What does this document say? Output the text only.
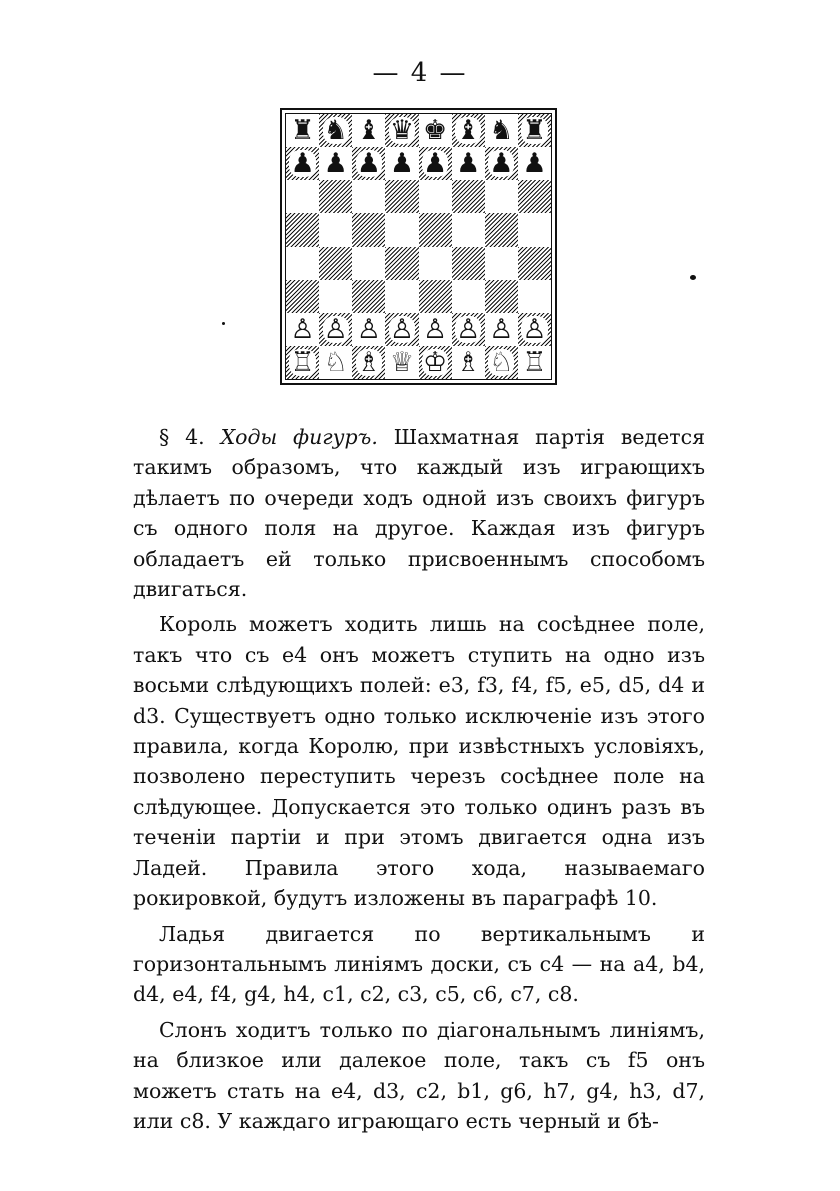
— 4 —
♜ ♞ ♝ ♛ ♚ ♝ ♞ ♜
♟ ♟ ♟ ♟ ♟ ♟ ♟ ♟
♙ ♙ ♙ ♙ ♙ ♙ ♙ ♙
♖ ♘ ♗ ♕ ♔ ♗ ♘ ♖

§ 4. Ходы фигуръ. Шахматная партія ведется такимъ образомъ, что каждый изъ играющихъ дѣлаетъ по очереди ходъ одной изъ своихъ фигуръ съ одного поля на другое. Каждая изъ фигуръ обладаетъ ей только присвоеннымъ способомъ двигаться.

Король можетъ ходить лишь на сосѣднее поле, такъ что съ e4 онъ можетъ ступить на одно изъ восьми слѣдующихъ полей: e3, f3, f4, f5, e5, d5, d4 и d3. Существуетъ одно только исключеніе изъ этого правила, когда Королю, при извѣстныхъ условіяхъ, позволено переступить черезъ сосѣднее поле на слѣдующее. Допускается это только одинъ разъ въ теченіи партіи и при этомъ двигается одна изъ Ладей. Правила этого хода, называемаго рокировкой, будутъ изложены въ параграфѣ 10.

Ладья двигается по вертикальнымъ и горизонтальнымъ линіямъ доски, съ c4 — на a4, b4, d4, e4, f4, g4, h4, c1, c2, c3, c5, c6, c7, c8.

Слонъ ходитъ только по діагональнымъ линіямъ, на близкое или далекое поле, такъ съ f5 онъ можетъ стать на e4, d3, c2, b1, g6, h7, g4, h3, d7, или c8. У каждаго играющаго есть черный и бѣ-
